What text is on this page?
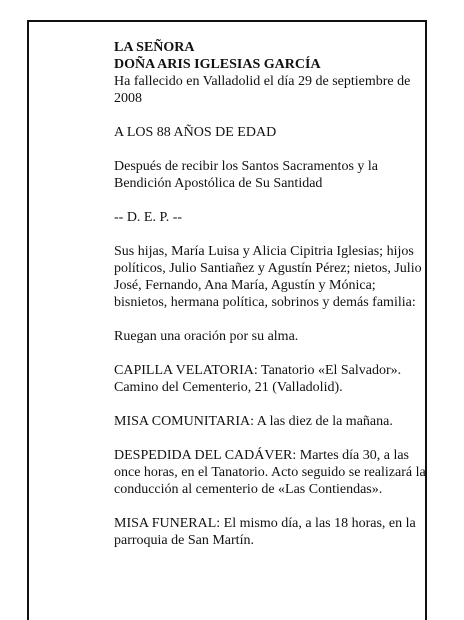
LA SEÑORA

DOÑA ARIS IGLESIAS GARCÍA

Ha fallecido en Valladolid el día 29 de septiembre de 2008

A LOS 88 AÑOS DE EDAD

Después de recibir los Santos Sacramentos y la Bendición Apostólica de Su Santidad

-- D. E. P. --

Sus hijas, María Luisa y Alicia Cipitria Iglesias; hijos políticos, Julio Santiañez y Agustín Pérez; nietos, Julio José, Fernando, Ana María, Agustín y Mónica; bisnietos, hermana política, sobrinos y demás familia:

Ruegan una oración por su alma.

CAPILLA VELATORIA: Tanatorio «El Salvador». Camino del Cementerio, 21 (Valladolid).

MISA COMUNITARIA: A las diez de la mañana.

DESPEDIDA DEL CADÁVER: Martes día 30, a las once horas, en el Tanatorio. Acto seguido se realizará la conducción al cementerio de «Las Contiendas».

MISA FUNERAL: El mismo día, a las 18 horas, en la parroquia de San Martín.
